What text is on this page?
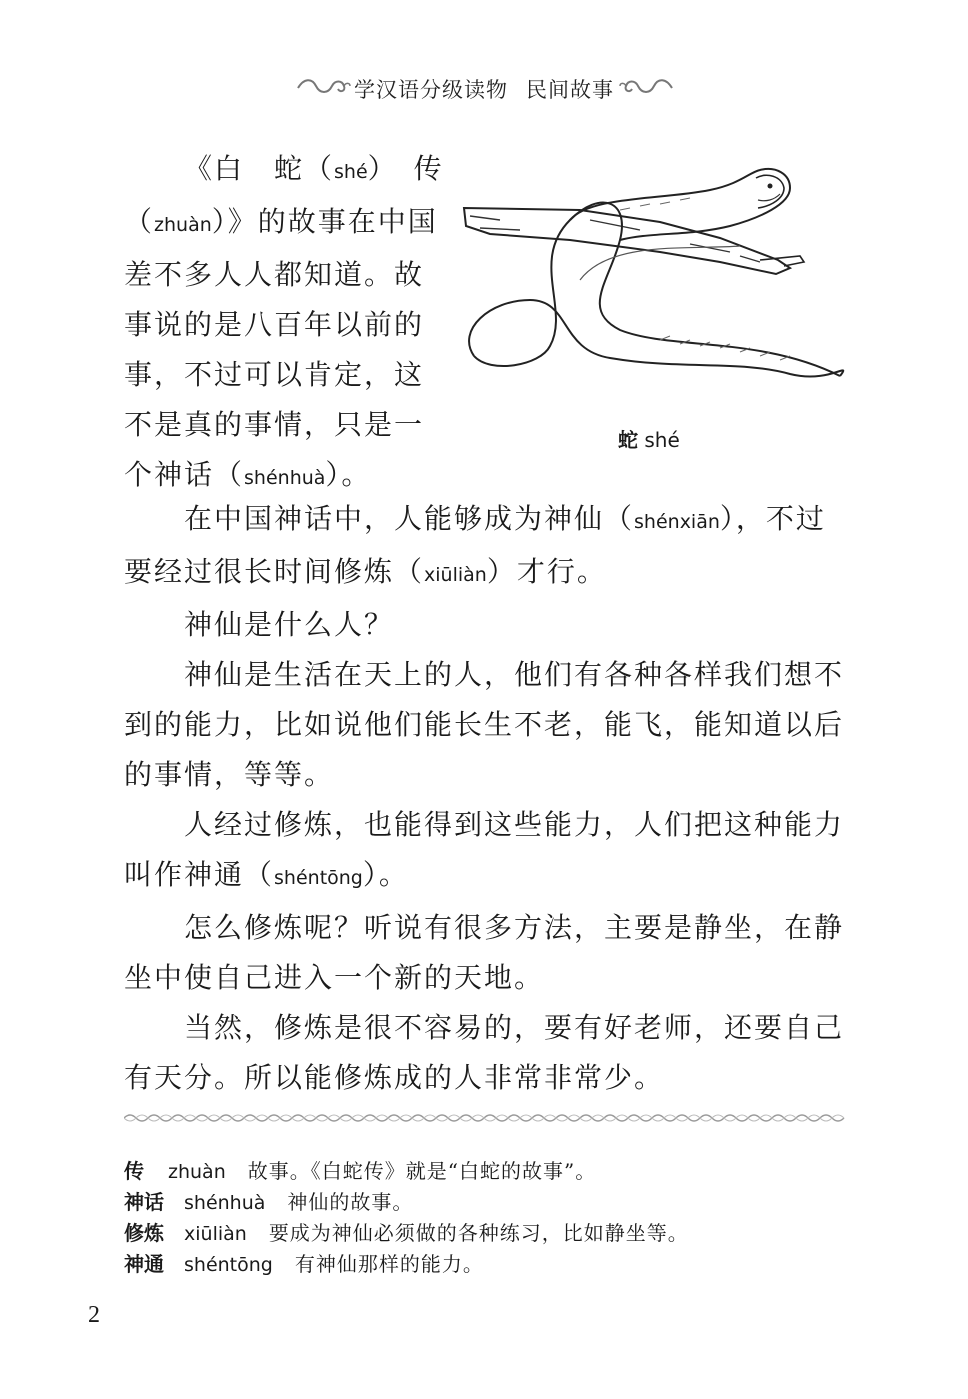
学汉语分级读物 民间故事

《白　蛇（shé）　传（zhuàn）》的故事在中国差不多人人都知道。故事说的是八百年以前的事，不过可以肯定，这不是真的事情，只是一个神话（shénhuà）。

蛇 shé

在中国神话中，人能够成为神仙（shénxiān），不过要经过很长时间修炼（xiūliàn）才行。

神仙是什么人？

神仙是生活在天上的人，他们有各种各样我们想不到的能力，比如说他们能长生不老，能飞，能知道以后的事情，等等。

人经过修炼，也能得到这些能力，人们把这种能力叫作神通（shéntōng）。

怎么修炼呢？听说有很多方法，主要是静坐，在静坐中使自己进入一个新的天地。

当然，修炼是很不容易的，要有好老师，还要自己有天分。所以能修炼成的人非常非常少。

传 zhuàn 故事。《白蛇传》就是“白蛇的故事”。
神话 shénhuà 神仙的故事。
修炼 xiūliàn 要成为神仙必须做的各种练习，比如静坐等。
神通 shéntōng 有神仙那样的能力。
2
